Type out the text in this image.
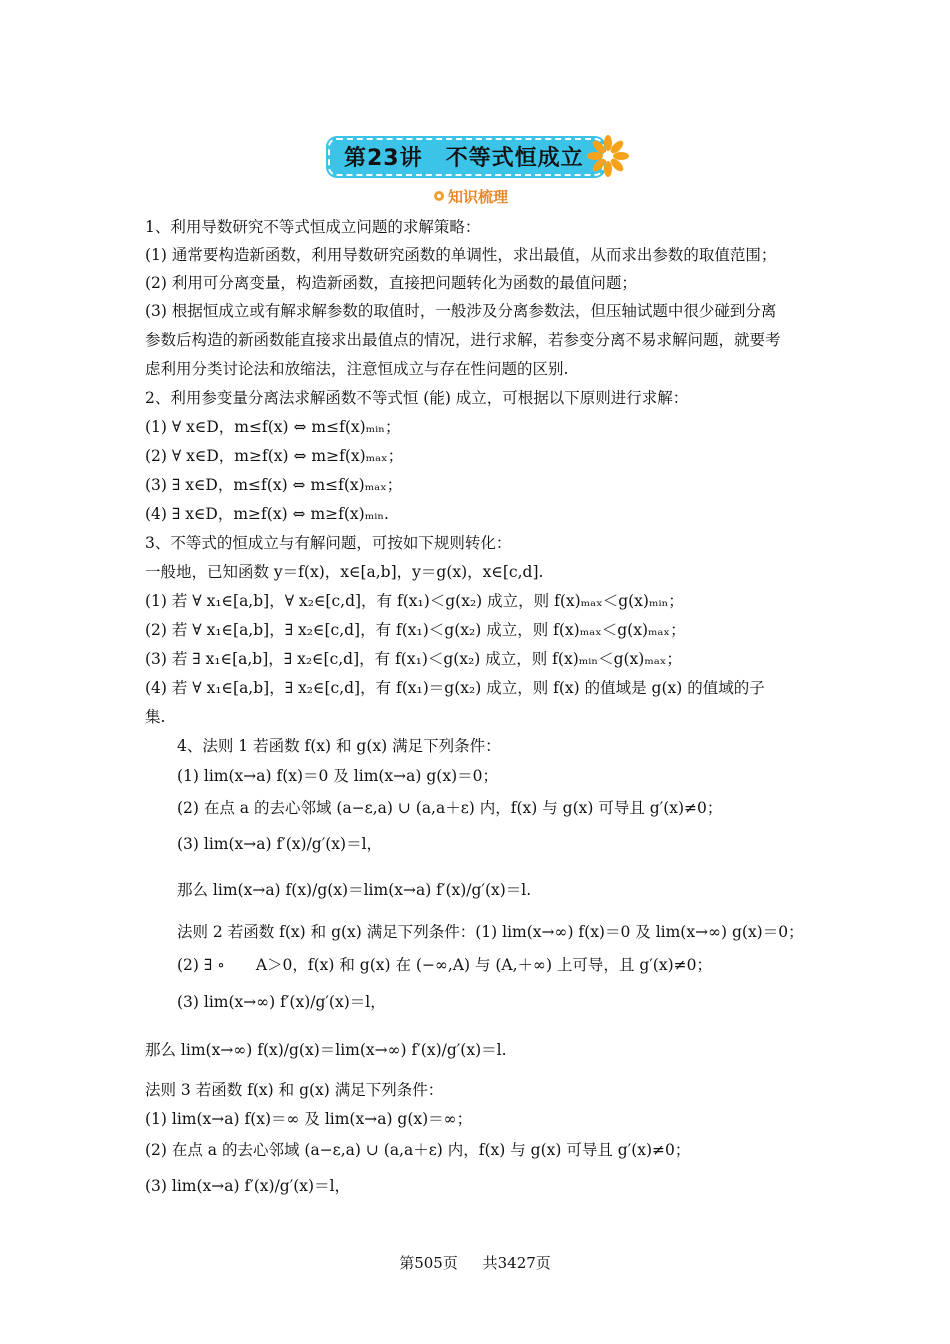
第23讲　不等式恒成立
知识梳理
1、利用导数研究不等式恒成立问题的求解策略：
(1) 通常要构造新函数，利用导数研究函数的单调性，求出最值，从而求出参数的取值范围；
(2) 利用可分离变量，构造新函数，直接把问题转化为函数的最值问题；
(3) 根据恒成立或有解求解参数的取值时，一般涉及分离参数法，但压轴试题中很少碰到分离
参数后构造的新函数能直接求出最值点的情况，进行求解，若参变分离不易求解问题，就要考
虑利用分类讨论法和放缩法，注意恒成立与存在性问题的区别.
2、利用参变量分离法求解函数不等式恒 (能) 成立，可根据以下原则进行求解：
(1) ∀ x∈D，m≤f(x) ⇔ m≤f(x)ₘᵢₙ；
(2) ∀ x∈D，m≥f(x) ⇔ m≥f(x)ₘₐₓ；
(3) ∃ x∈D，m≤f(x) ⇔ m≤f(x)ₘₐₓ；
(4) ∃ x∈D，m≥f(x) ⇔ m≥f(x)ₘᵢₙ.
3、不等式的恒成立与有解问题，可按如下规则转化：
一般地，已知函数 y＝f(x)，x∈[a,b]，y＝g(x)，x∈[c,d].
(1) 若 ∀ x₁∈[a,b]，∀ x₂∈[c,d]，有 f(x₁)＜g(x₂) 成立，则 f(x)ₘₐₓ＜g(x)ₘᵢₙ；
(2) 若 ∀ x₁∈[a,b]，∃ x₂∈[c,d]，有 f(x₁)＜g(x₂) 成立，则 f(x)ₘₐₓ＜g(x)ₘₐₓ；
(3) 若 ∃ x₁∈[a,b]，∃ x₂∈[c,d]，有 f(x₁)＜g(x₂) 成立，则 f(x)ₘᵢₙ＜g(x)ₘₐₓ；
(4) 若 ∀ x₁∈[a,b]，∃ x₂∈[c,d]，有 f(x₁)＝g(x₂) 成立，则 f(x) 的值域是 g(x) 的值域的子
集.
4、法则 1 若函数 f(x) 和 g(x) 满足下列条件：
(1) lim(x→a) f(x)＝0 及 lim(x→a) g(x)＝0；
(2) 在点 a 的去心邻域 (a−ε,a) ∪ (a,a＋ε) 内，f(x) 与 g(x) 可导且 g′(x)≠0；
(3) lim(x→a) f′(x)/g′(x)＝l，
那么 lim(x→a) f(x)/g(x)＝lim(x→a) f′(x)/g′(x)＝l.
法则 2 若函数 f(x) 和 g(x) 满足下列条件：(1) lim(x→∞) f(x)＝0 及 lim(x→∞) g(x)＝0；
(2) ∃ ∘　　A＞0，f(x) 和 g(x) 在 (−∞,A) 与 (A,＋∞) 上可导，且 g′(x)≠0；
(3) lim(x→∞) f′(x)/g′(x)＝l，
那么 lim(x→∞) f(x)/g(x)＝lim(x→∞) f′(x)/g′(x)＝l.
法则 3 若函数 f(x) 和 g(x) 满足下列条件：
(1) lim(x→a) f(x)＝∞ 及 lim(x→a) g(x)＝∞；
(2) 在点 a 的去心邻域 (a−ε,a) ∪ (a,a＋ε) 内，f(x) 与 g(x) 可导且 g′(x)≠0；
(3) lim(x→a) f′(x)/g′(x)＝l，
第505页 共3427页
